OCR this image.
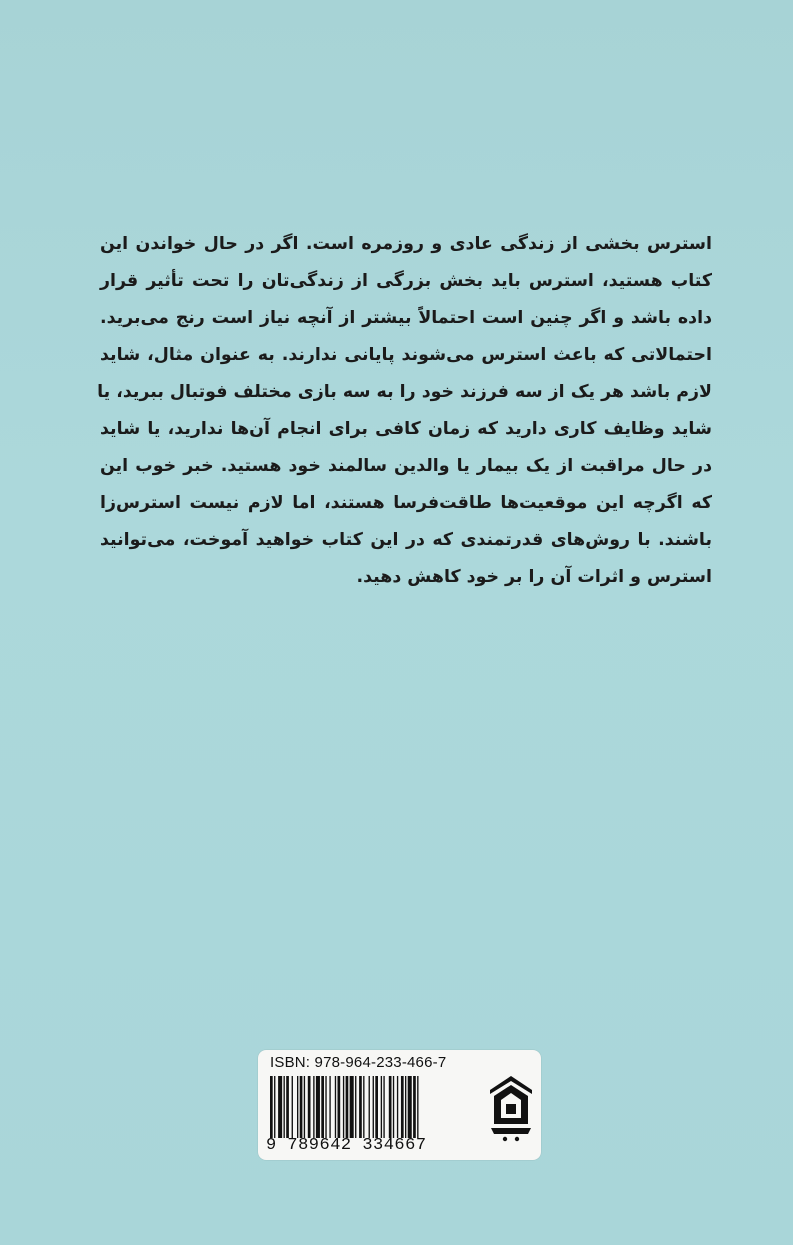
استرس بخشی از زندگی عادی و روزمره است. اگر در حال خواندن این
کتاب هستید، استرس باید بخش بزرگی از زندگی‌تان را تحت تأثیر قرار
داده باشد و اگر چنین است احتمالاً بیشتر از آنچه نیاز است رنج می‌برید.
احتمالاتی که باعث استرس می‌شوند پایانی ندارند. به عنوان مثال، شاید
لازم باشد هر یک از سه فرزند خود را به سه بازی مختلف فوتبال ببرید، یا
شاید وظایف کاری دارید که زمان کافی برای انجام آن‌ها ندارید، یا شاید
در حال مراقبت از یک بیمار یا والدین سالمند خود هستید. خبر خوب این
که اگرچه این موقعیت‌ها طاقت‌فرسا هستند، اما لازم نیست استرس‌زا
باشند. با روش‌های قدرتمندی که در این کتاب خواهید آموخت، می‌توانید
استرس و اثرات آن را بر خود کاهش دهید.
ISBN: 978-964-233-466-7
9 789642 334667
